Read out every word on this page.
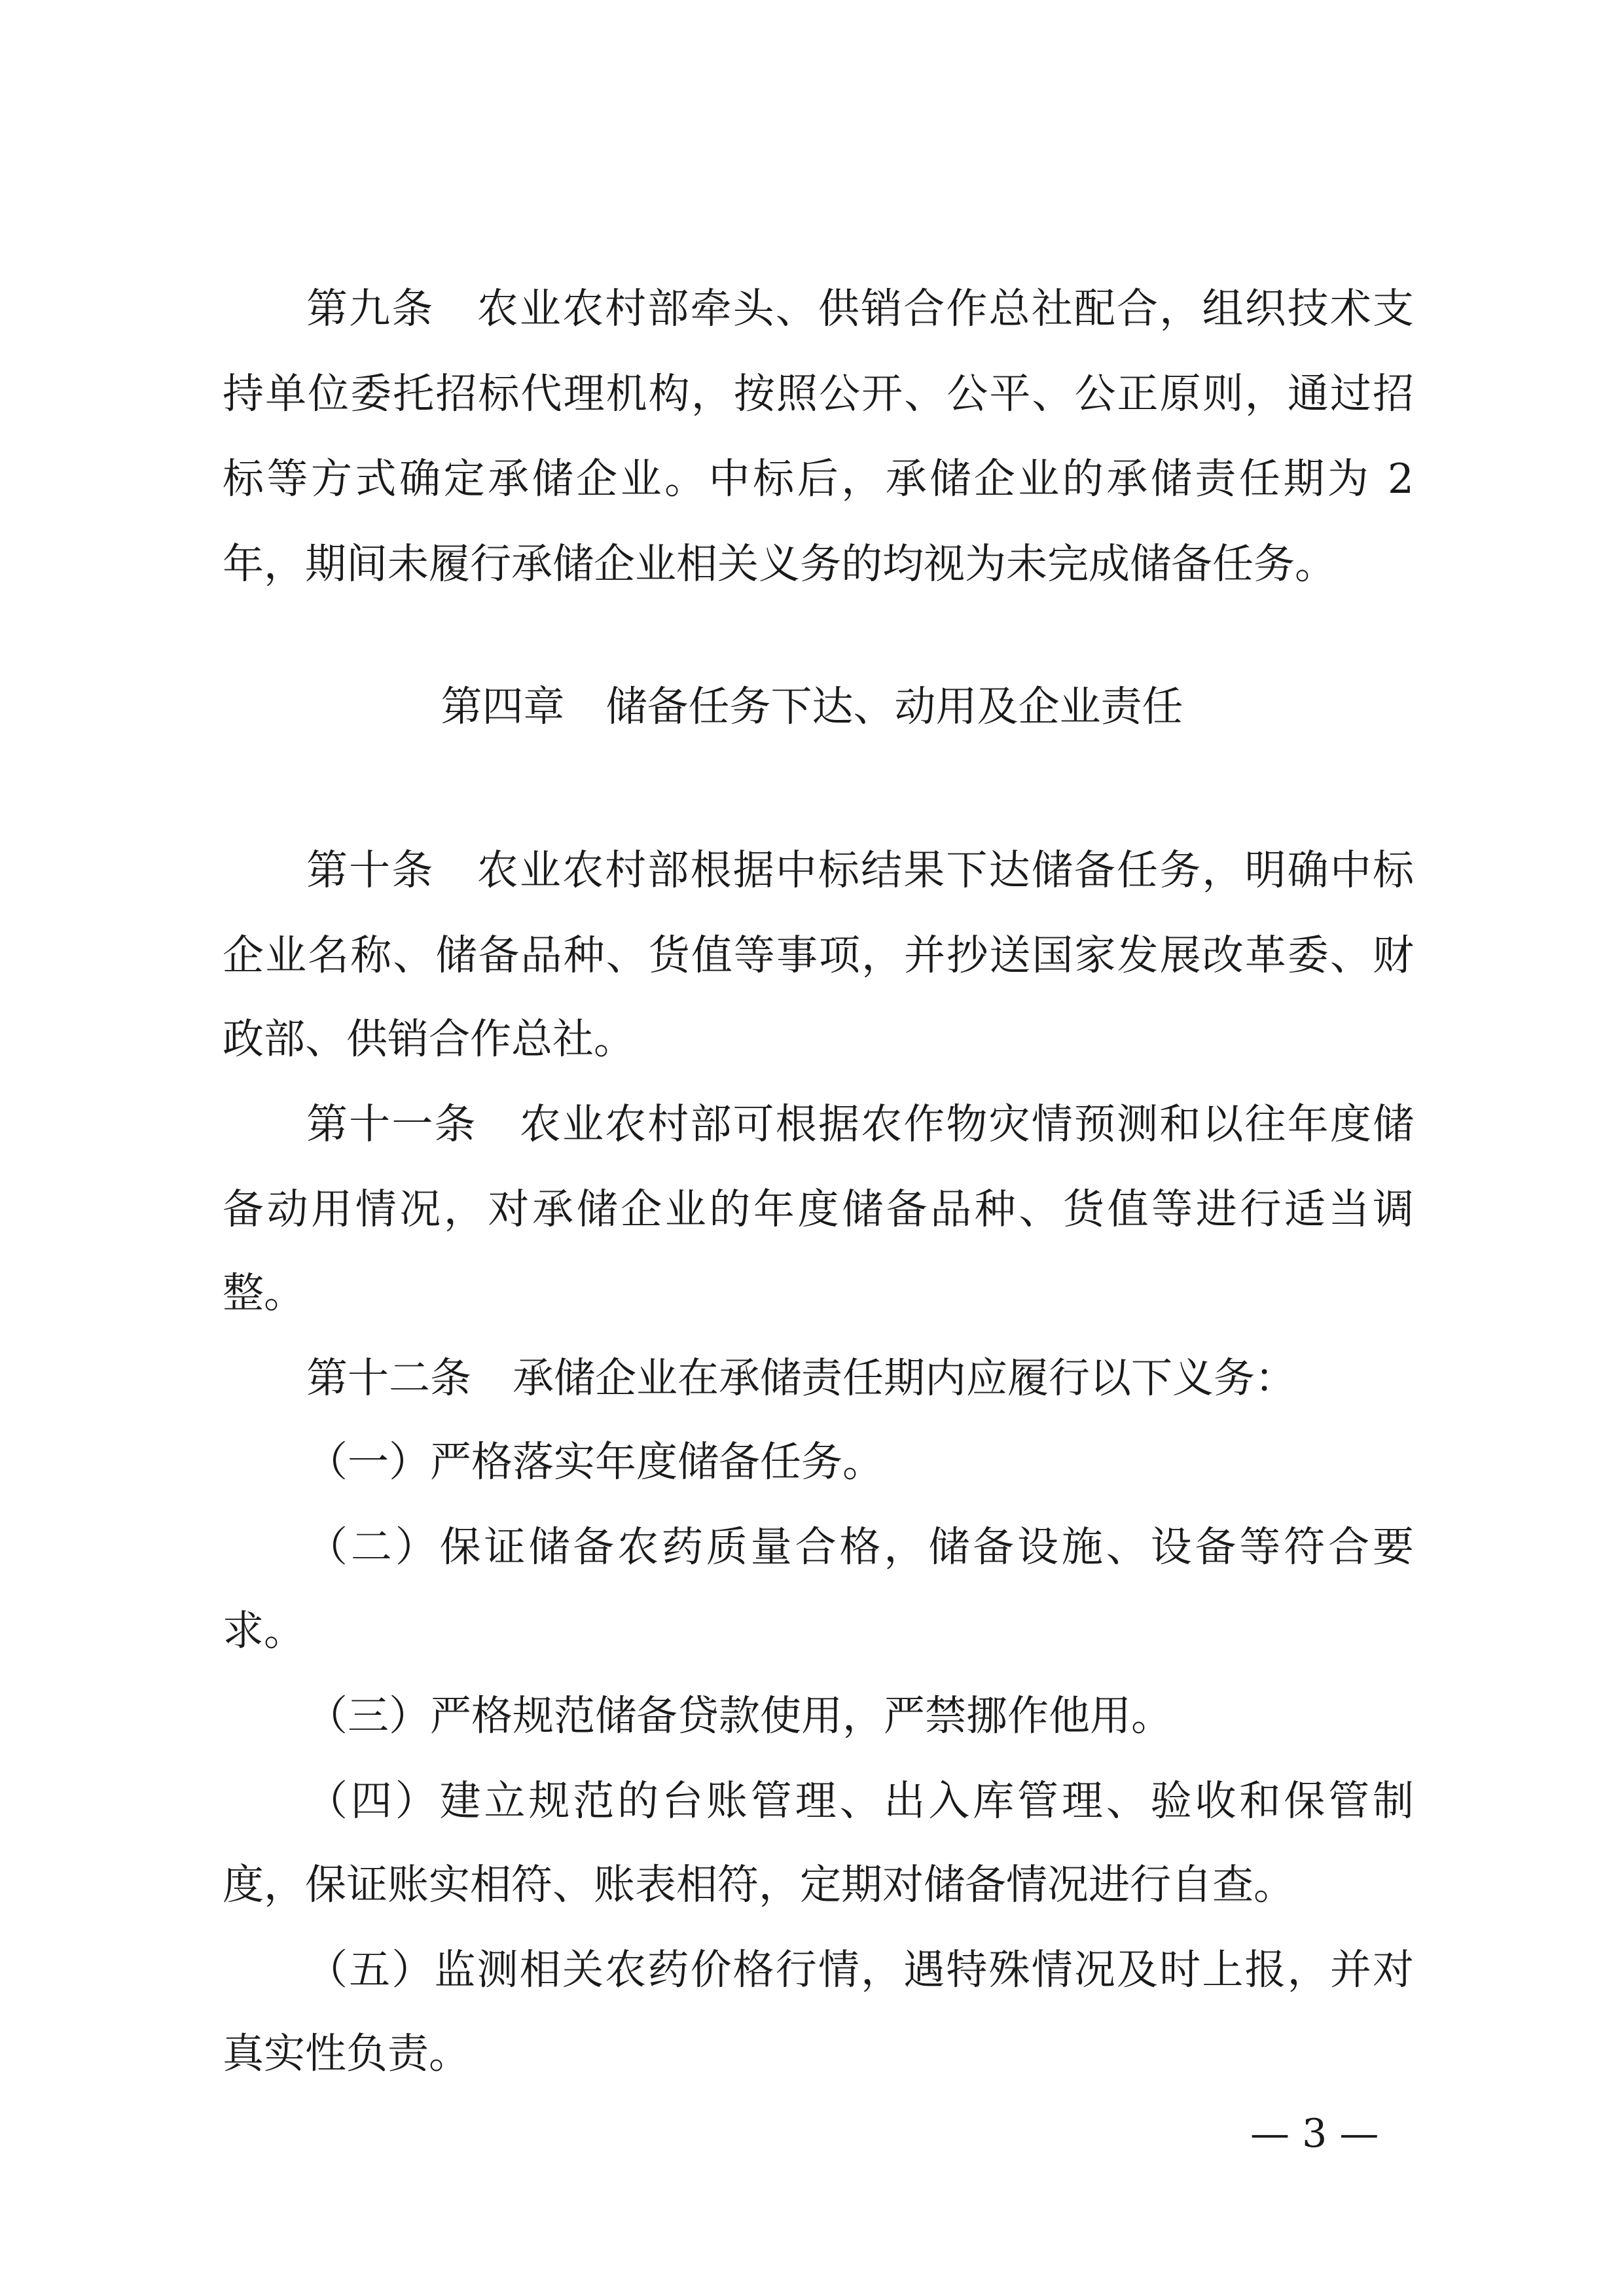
第九条　农业农村部牵头、供销合作总社配合，组织技术支
持单位委托招标代理机构，按照公开、公平、公正原则，通过招
标等方式确定承储企业。中标后，承储企业的承储责任期为 2
年，期间未履行承储企业相关义务的均视为未完成储备任务。
第四章　储备任务下达、动用及企业责任
第十条　农业农村部根据中标结果下达储备任务，明确中标
企业名称、储备品种、货值等事项，并抄送国家发展改革委、财
政部、供销合作总社。
第十一条　农业农村部可根据农作物灾情预测和以往年度储
备动用情况，对承储企业的年度储备品种、货值等进行适当调
整。
第十二条　承储企业在承储责任期内应履行以下义务：
（一）严格落实年度储备任务。
（二）保证储备农药质量合格，储备设施、设备等符合要
求。
（三）严格规范储备贷款使用，严禁挪作他用。
（四）建立规范的台账管理、出入库管理、验收和保管制
度，保证账实相符、账表相符，定期对储备情况进行自查。
（五）监测相关农药价格行情，遇特殊情况及时上报，并对
真实性负责。
— 3 —
